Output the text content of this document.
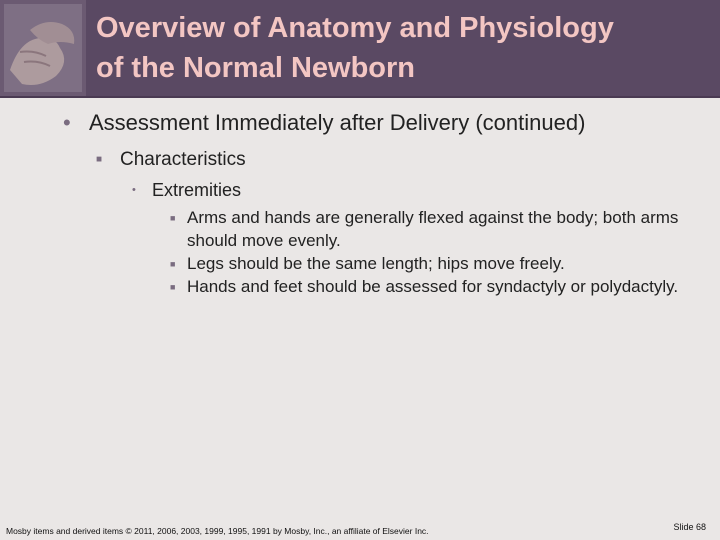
Overview of Anatomy and Physiology
of the Normal Newborn
• Assessment Immediately after Delivery (continued)
■ Characteristics
• Extremities
■ Arms and hands are generally flexed against the body; both arms should move evenly.
■ Legs should be the same length; hips move freely.
■ Hands and feet should be assessed for syndactyly or polydactyly.
Mosby items and derived items © 2011, 2006, 2003, 1999, 1995, 1991 by Mosby, Inc., an affiliate of Elsevier Inc.	Slide 68
